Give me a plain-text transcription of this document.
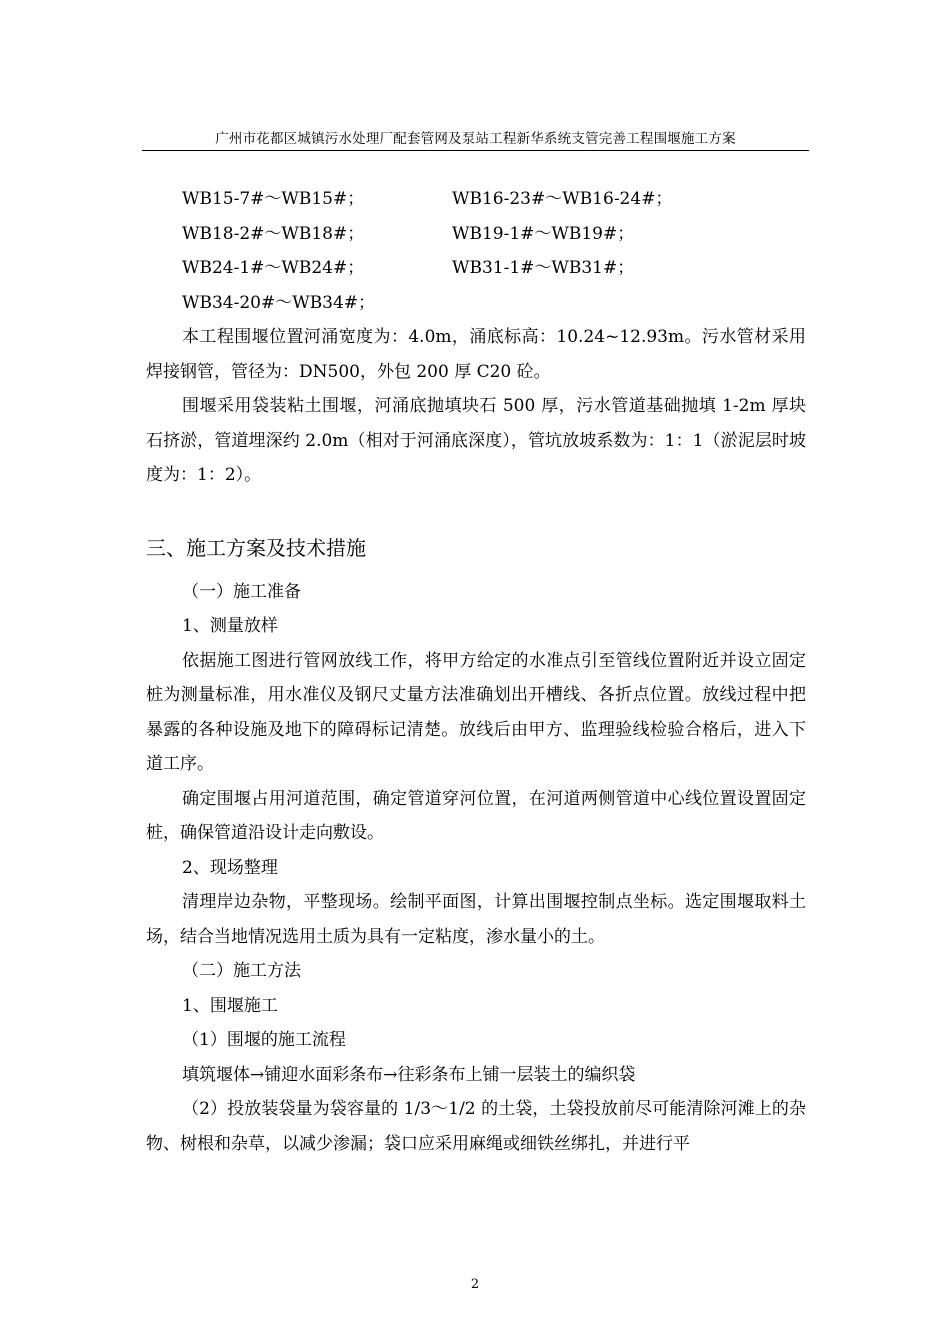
广州市花都区城镇污水处理厂配套管网及泵站工程新华系统支管完善工程围堰施工方案
WB15-7#～WB15#；	WB16-23#～WB16-24#；
WB18-2#～WB18#；	WB19-1#～WB19#；
WB24-1#～WB24#；	WB31-1#～WB31#；
WB34-20#～WB34#；

本工程围堰位置河涌宽度为：4.0m，涌底标高：10.24~12.93m。污水管材采用焊接钢管，管径为：DN500，外包 200 厚 C20 砼。

围堰采用袋装粘土围堰，河涌底抛填块石 500 厚，污水管道基础抛填 1-2m 厚块石挤淤，管道埋深约 2.0m（相对于河涌底深度），管坑放坡系数为：1：1（淤泥层时坡度为：1：2）。

三、施工方案及技术措施

（一）施工准备

1、测量放样

依据施工图进行管网放线工作，将甲方给定的水准点引至管线位置附近并设立固定桩为测量标准，用水准仪及钢尺丈量方法准确划出开槽线、各折点位置。放线过程中把暴露的各种设施及地下的障碍标记清楚。放线后由甲方、监理验线检验合格后，进入下道工序。

确定围堰占用河道范围，确定管道穿河位置，在河道两侧管道中心线位置设置固定桩，确保管道沿设计走向敷设。

2、现场整理

清理岸边杂物，平整现场。绘制平面图，计算出围堰控制点坐标。选定围堰取料土场，结合当地情况选用土质为具有一定粘度，渗水量小的土。

（二）施工方法

1、围堰施工

（1）围堰的施工流程

填筑堰体→铺迎水面彩条布→往彩条布上铺一层装土的编织袋

（2）投放装袋量为袋容量的 1/3～1/2 的土袋，土袋投放前尽可能清除河滩上的杂物、树根和杂草，以减少渗漏；袋口应采用麻绳或细铁丝绑扎，并进行平

2
